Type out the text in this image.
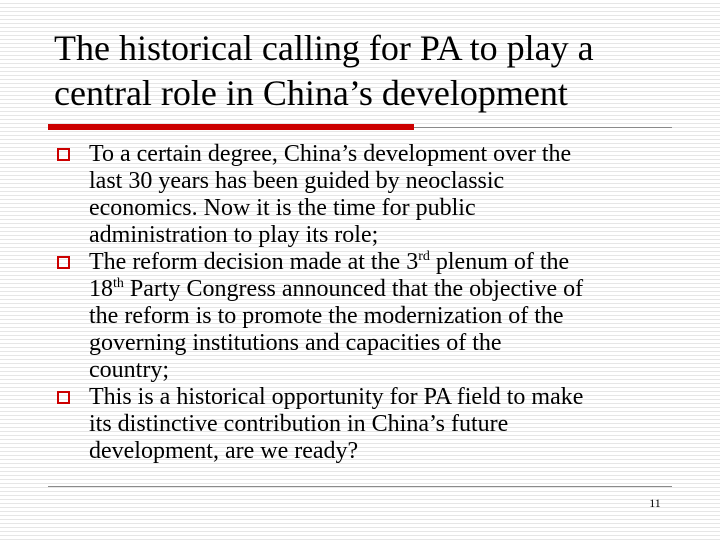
The historical calling for PA to play a
central role in China’s development
To a certain degree, China’s development over the
last 30 years has been guided by neoclassic
economics. Now it is the time for public
administration to play its role;
The reform decision made at the 3rd plenum of the
18th Party Congress announced that the objective of
the reform is to promote the modernization of the
governing institutions and capacities of the
country;
This is a historical opportunity for PA field to make
its distinctive contribution in China’s future
development, are we ready?
11
